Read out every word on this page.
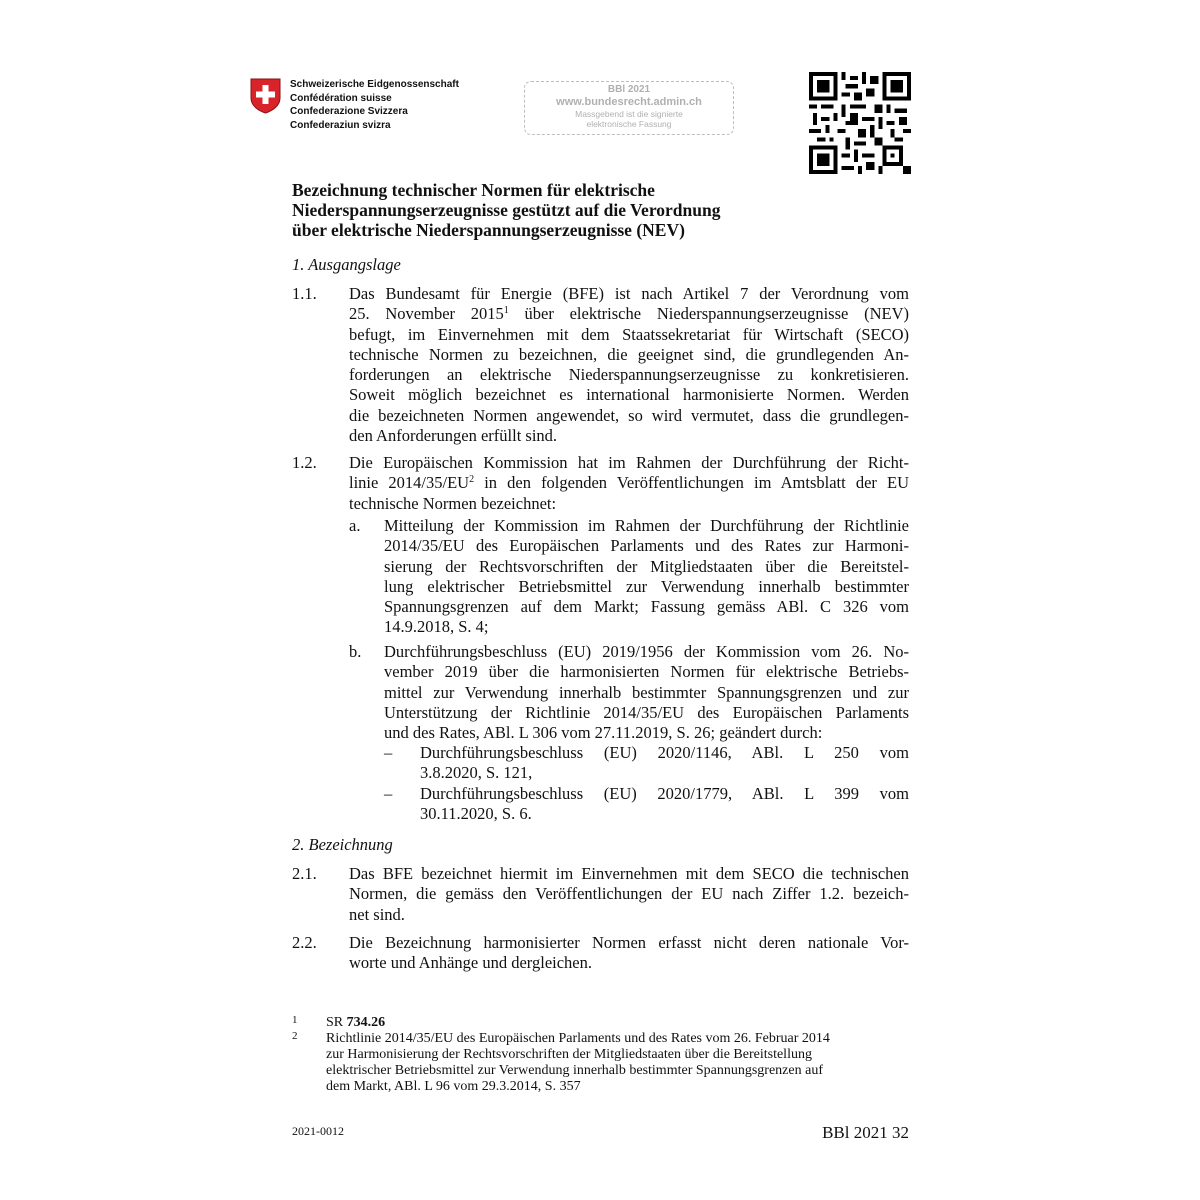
Schweizerische Eidgenossenschaft
Confédération suisse
Confederazione Svizzera
Confederaziun svizra
BBl 2021
www.bundesrecht.admin.ch
Massgebend ist die signierte
elektronische Fassung
Bezeichnung technischer Normen für elektrische
Niederspannungserzeugnisse gestützt auf die Verordnung
über elektrische Niederspannungserzeugnisse (NEV)
1. Ausgangslage
1.1. Das Bundesamt für Energie (BFE) ist nach Artikel 7 der Verordnung vom
25. November 2015$^1$ über elektrische Niederspannungserzeugnisse (NEV)
befugt, im Einvernehmen mit dem Staatssekretariat für Wirtschaft (SECO)
technische Normen zu bezeichnen, die geeignet sind, die grundlegenden An-
forderungen an elektrische Niederspannungserzeugnisse zu konkretisieren.
Soweit möglich bezeichnet es international harmonisierte Normen. Werden
die bezeichneten Normen angewendet, so wird vermutet, dass die grundlegen-
den Anforderungen erfüllt sind.
1.2. Die Europäischen Kommission hat im Rahmen der Durchführung der Richt-
linie $2014/35/EU^2$ in den folgenden Veröffentlichungen im Amtsblatt der EU
technische Normen bezeichnet:
a. Mitteilung der Kommission im Rahmen der Durchführung der Richtlinie
2014/35/EU des Europäischen Parlaments und des Rates zur Harmoni-
sierung der Rechtsvorschriften der Mitgliedstaaten über die Bereitstel-
lung elektrischer Betriebsmittel zur Verwendung innerhalb bestimmter
Spannungsgrenzen auf dem Markt; Fassung gemäss ABl. C 326 vom
14.9.2018, S. 4;
b. Durchführungsbeschluss (EU) 2019/1956 der Kommission vom 26. No-
vember 2019 über die harmonisierten Normen für elektrische Betriebs-
mittel zur Verwendung innerhalb bestimmter Spannungsgrenzen und zur
Unterstützung der Richtlinie 2014/35/EU des Europäischen Parlaments
und des Rates, ABl. L 306 vom 27.11.2019, S. 26; geändert durch:
– Durchführungsbeschluss (EU) 2020/1146, ABl. L 250 vom
3.8.2020, S. 121,
– Durchführungsbeschluss (EU) 2020/1779, ABl. L 399 vom
30.11.2020, S. 6.
2. Bezeichnung
2.1. Das BFE bezeichnet hiermit im Einvernehmen mit dem SECO die technischen
Normen, die gemäss den Veröffentlichungen der EU nach Ziffer 1.2. bezeich-
net sind.
2.2. Die Bezeichnung harmonisierter Normen erfasst nicht deren nationale Vor-
worte und Anhänge und dergleichen.
1 SR 734.26
2 Richtlinie 2014/35/EU des Europäischen Parlaments und des Rates vom 26. Februar 2014
zur Harmonisierung der Rechtsvorschriften der Mitgliedstaaten über die Bereitstellung
elektrischer Betriebsmittel zur Verwendung innerhalb bestimmter Spannungsgrenzen auf
dem Markt, ABl. L 96 vom 29.3.2014, S. 357
2021-0012	BBl 2021 32
